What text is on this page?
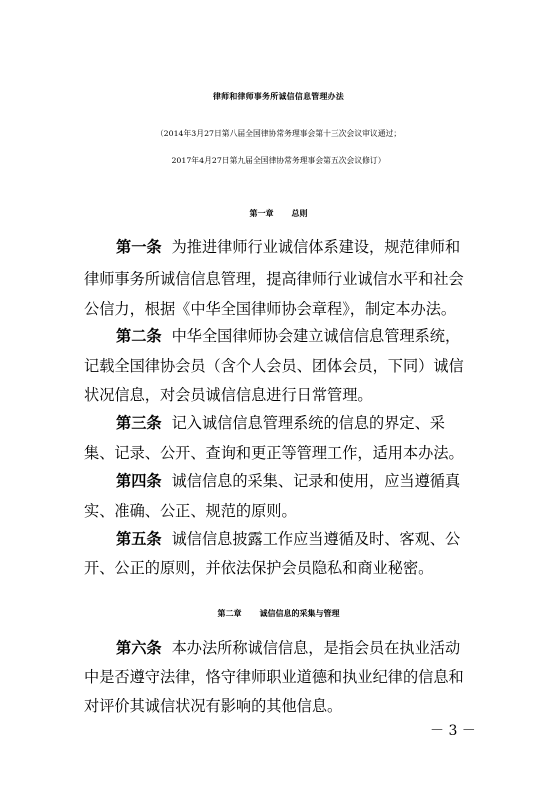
律师和律师事务所诚信信息管理办法
（2014年3月27日第八届全国律协常务理事会第十三次会议审议通过；
2017年4月27日第九届全国律协常务理事会第五次会议修订）
第一章 总则
第一条 为推进律师行业诚信体系建设，规范律师和
律师事务所诚信信息管理，提高律师行业诚信水平和社会
公信力，根据《中华全国律师协会章程》，制定本办法。
第二条 中华全国律师协会建立诚信信息管理系统，
记载全国律协会员（含个人会员、团体会员，下同）诚信
状况信息，对会员诚信信息进行日常管理。
第三条 记入诚信信息管理系统的信息的界定、采
集、记录、公开、查询和更正等管理工作，适用本办法。
第四条 诚信信息的采集、记录和使用，应当遵循真
实、准确、公正、规范的原则。
第五条 诚信信息披露工作应当遵循及时、客观、公
开、公正的原则，并依法保护会员隐私和商业秘密。
第二章 诚信信息的采集与管理
第六条 本办法所称诚信信息，是指会员在执业活动
中是否遵守法律，恪守律师职业道德和执业纪律的信息和
对评价其诚信状况有影响的其他信息。
－ 3 －
